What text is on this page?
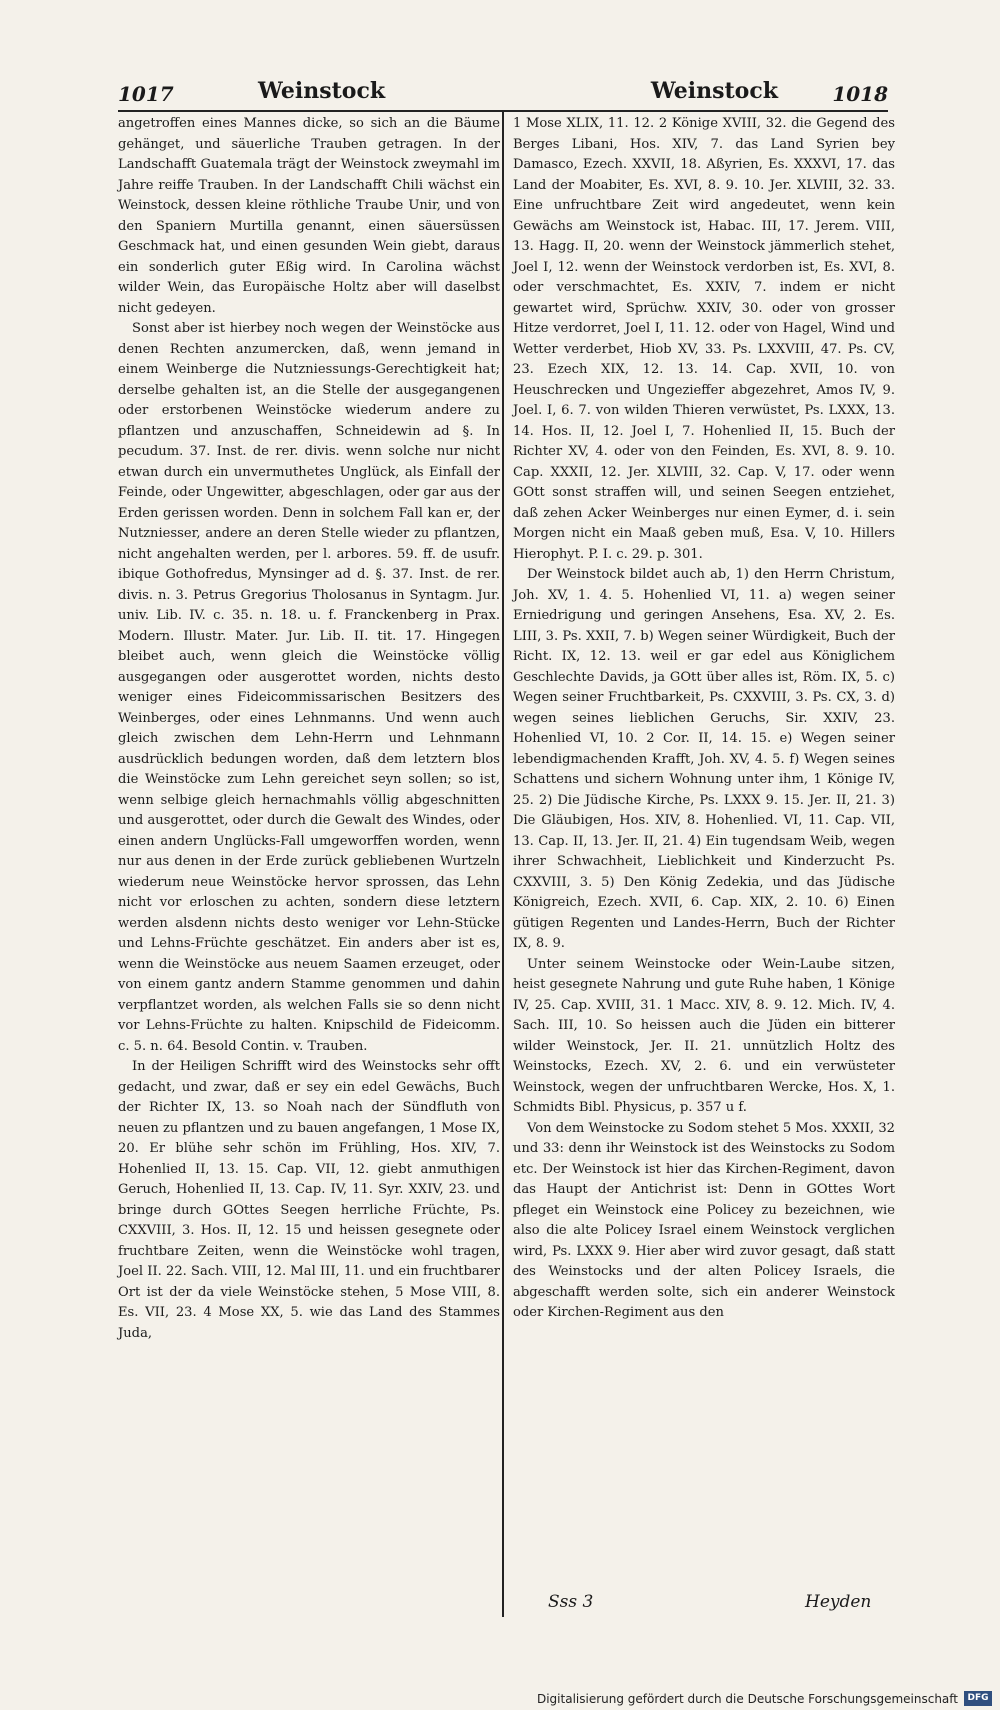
1017	Weinstock	Weinstock	1018

angetroffen eines Mannes dicke, so sich an die Bäume gehänget, und säuerliche Trauben getragen. In der Landschafft Guatemala trägt der Weinstock zweymahl im Jahre reiffe Trauben. In der Landschafft Chili wächst ein Weinstock, dessen kleine röthliche Traube Unir, und von den Spaniern Murtilla genannt, einen säuersüssen Geschmack hat, und einen gesunden Wein giebt, daraus ein sonderlich guter Eßig wird. In Carolina wächst wilder Wein, das Europäische Holtz aber will daselbst nicht gedeyen.

Sonst aber ist hierbey noch wegen der Weinstöcke aus denen Rechten anzumercken, daß, wenn jemand in einem Weinberge die Nutzniessungs-Gerechtigkeit hat; derselbe gehalten ist, an die Stelle der ausgegangenen oder erstorbenen Weinstöcke wiederum andere zu pflantzen und anzuschaffen, Schneidewin ad §. In pecudum. 37. Inst. de rer. divis. wenn solche nur nicht etwan durch ein unvermuthetes Unglück, als Einfall der Feinde, oder Ungewitter, abgeschlagen, oder gar aus der Erden gerissen worden. Denn in solchem Fall kan er, der Nutzniesser, andere an deren Stelle wieder zu pflantzen, nicht angehalten werden, per l. arbores. 59. ff. de usufr. ibique Gothofredus, Mynsinger ad d. §. 37. Inst. de rer. divis. n. 3. Petrus Gregorius Tholosanus in Syntagm. Jur. univ. Lib. IV. c. 35. n. 18. u. f. Franckenberg in Prax. Modern. Illustr. Mater. Jur. Lib. II. tit. 17. Hingegen bleibet auch, wenn gleich die Weinstöcke völlig ausgegangen oder ausgerottet worden, nichts desto weniger eines Fideicommissarischen Besitzers des Weinberges, oder eines Lehnmanns. Und wenn auch gleich zwischen dem Lehn-Herrn und Lehnmann ausdrücklich bedungen worden, daß dem letztern blos die Weinstöcke zum Lehn gereichet seyn sollen; so ist, wenn selbige gleich hernachmahls völlig abgeschnitten und ausgerottet, oder durch die Gewalt des Windes, oder einen andern Unglücks-Fall umgeworffen worden, wenn nur aus denen in der Erde zurück gebliebenen Wurtzeln wiederum neue Weinstöcke hervor sprossen, das Lehn nicht vor erloschen zu achten, sondern diese letztern werden alsdenn nichts desto weniger vor Lehn-Stücke und Lehns-Früchte geschätzet. Ein anders aber ist es, wenn die Weinstöcke aus neuem Saamen erzeuget, oder von einem gantz andern Stamme genommen und dahin verpflantzet worden, als welchen Falls sie so denn nicht vor Lehns-Früchte zu halten. Knipschild de Fideicomm. c. 5. n. 64. Besold Contin. v. Trauben.

In der Heiligen Schrifft wird des Weinstocks sehr offt gedacht, und zwar, daß er sey ein edel Gewächs, Buch der Richter IX, 13. so Noah nach der Sündfluth von neuen zu pflantzen und zu bauen angefangen, 1 Mose IX, 20. Er blühe sehr schön im Frühling, Hos. XIV, 7. Hohenlied II, 13. 15. Cap. VII, 12. giebt anmuthigen Geruch, Hohenlied II, 13. Cap. IV, 11. Syr. XXIV, 23. und bringe durch GOttes Seegen herrliche Früchte, Ps. CXXVIII, 3. Hos. II, 12. 15 und heissen gesegnete oder fruchtbare Zeiten, wenn die Weinstöcke wohl tragen, Joel II. 22. Sach. VIII, 12. Mal III, 11. und ein fruchtbarer Ort ist der da viele Weinstöcke stehen, 5 Mose VIII, 8. Es. VII, 23. 4 Mose XX, 5. wie das Land des Stammes Juda,

1 Mose XLIX, 11. 12. 2 Könige XVIII, 32. die Gegend des Berges Libani, Hos. XIV, 7. das Land Syrien bey Damasco, Ezech. XXVII, 18. Aßyrien, Es. XXXVI, 17. das Land der Moabiter, Es. XVI, 8. 9. 10. Jer. XLVIII, 32. 33. Eine unfruchtbare Zeit wird angedeutet, wenn kein Gewächs am Weinstock ist, Habac. III, 17. Jerem. VIII, 13. Hagg. II, 20. wenn der Weinstock jämmerlich stehet, Joel I, 12. wenn der Weinstock verdorben ist, Es. XVI, 8. oder verschmachtet, Es. XXIV, 7. indem er nicht gewartet wird, Sprüchw. XXIV, 30. oder von grosser Hitze verdorret, Joel I, 11. 12. oder von Hagel, Wind und Wetter verderbet, Hiob XV, 33. Ps. LXXVIII, 47. Ps. CV, 23. Ezech XIX, 12. 13. 14. Cap. XVII, 10. von Heuschrecken und Ungezieffer abgezehret, Amos IV, 9. Joel. I, 6. 7. von wilden Thieren verwüstet, Ps. LXXX, 13. 14. Hos. II, 12. Joel I, 7. Hohenlied II, 15. Buch der Richter XV, 4. oder von den Feinden, Es. XVI, 8. 9. 10. Cap. XXXII, 12. Jer. XLVIII, 32. Cap. V, 17. oder wenn GOtt sonst straffen will, und seinen Seegen entziehet, daß zehen Acker Weinberges nur einen Eymer, d. i. sein Morgen nicht ein Maaß geben muß, Esa. V, 10. Hillers Hierophyt. P. I. c. 29. p. 301.

Der Weinstock bildet auch ab, 1) den Herrn Christum, Joh. XV, 1. 4. 5. Hohenlied VI, 11. a) wegen seiner Erniedrigung und geringen Ansehens, Esa. XV, 2. Es. LIII, 3. Ps. XXII, 7. b) Wegen seiner Würdigkeit, Buch der Richt. IX, 12. 13. weil er gar edel aus Königlichem Geschlechte Davids, ja GOtt über alles ist, Röm. IX, 5. c) Wegen seiner Fruchtbarkeit, Ps. CXXVIII, 3. Ps. CX, 3. d) wegen seines lieblichen Geruchs, Sir. XXIV, 23. Hohenlied VI, 10. 2 Cor. II, 14. 15. e) Wegen seiner lebendigmachenden Krafft, Joh. XV, 4. 5. f) Wegen seines Schattens und sichern Wohnung unter ihm, 1 Könige IV, 25. 2) Die Jüdische Kirche, Ps. LXXX 9. 15. Jer. II, 21. 3) Die Gläubigen, Hos. XIV, 8. Hohenlied. VI, 11. Cap. VII, 13. Cap. II, 13. Jer. II, 21. 4) Ein tugendsam Weib, wegen ihrer Schwachheit, Lieblichkeit und Kinderzucht Ps. CXXVIII, 3. 5) Den König Zedekia, und das Jüdische Königreich, Ezech. XVII, 6. Cap. XIX, 2. 10. 6) Einen gütigen Regenten und Landes-Herrn, Buch der Richter IX, 8. 9.

Unter seinem Weinstocke oder Wein-Laube sitzen, heist gesegnete Nahrung und gute Ruhe haben, 1 Könige IV, 25. Cap. XVIII, 31. 1 Macc. XIV, 8. 9. 12. Mich. IV, 4. Sach. III, 10. So heissen auch die Jüden ein bitterer wilder Weinstock, Jer. II. 21. unnützlich Holtz des Weinstocks, Ezech. XV, 2. 6. und ein verwüsteter Weinstock, wegen der unfruchtbaren Wercke, Hos. X, 1. Schmidts Bibl. Physicus, p. 357 u f.

Von dem Weinstocke zu Sodom stehet 5 Mos. XXXII, 32 und 33: denn ihr Weinstock ist des Weinstocks zu Sodom etc. Der Weinstock ist hier das Kirchen-Regiment, davon das Haupt der Antichrist ist: Denn in GOttes Wort pfleget ein Weinstock eine Policey zu bezeichnen, wie also die alte Policey Israel einem Weinstock verglichen wird, Ps. LXXX 9. Hier aber wird zuvor gesagt, daß statt des Weinstocks und der alten Policey Israels, die abgeschafft werden solte, sich ein anderer Weinstock oder Kirchen-Regiment aus den

Sss 3	Heyden
Digitalisierung gefördert durch die Deutsche Forschungsgemeinschaft	DFG
